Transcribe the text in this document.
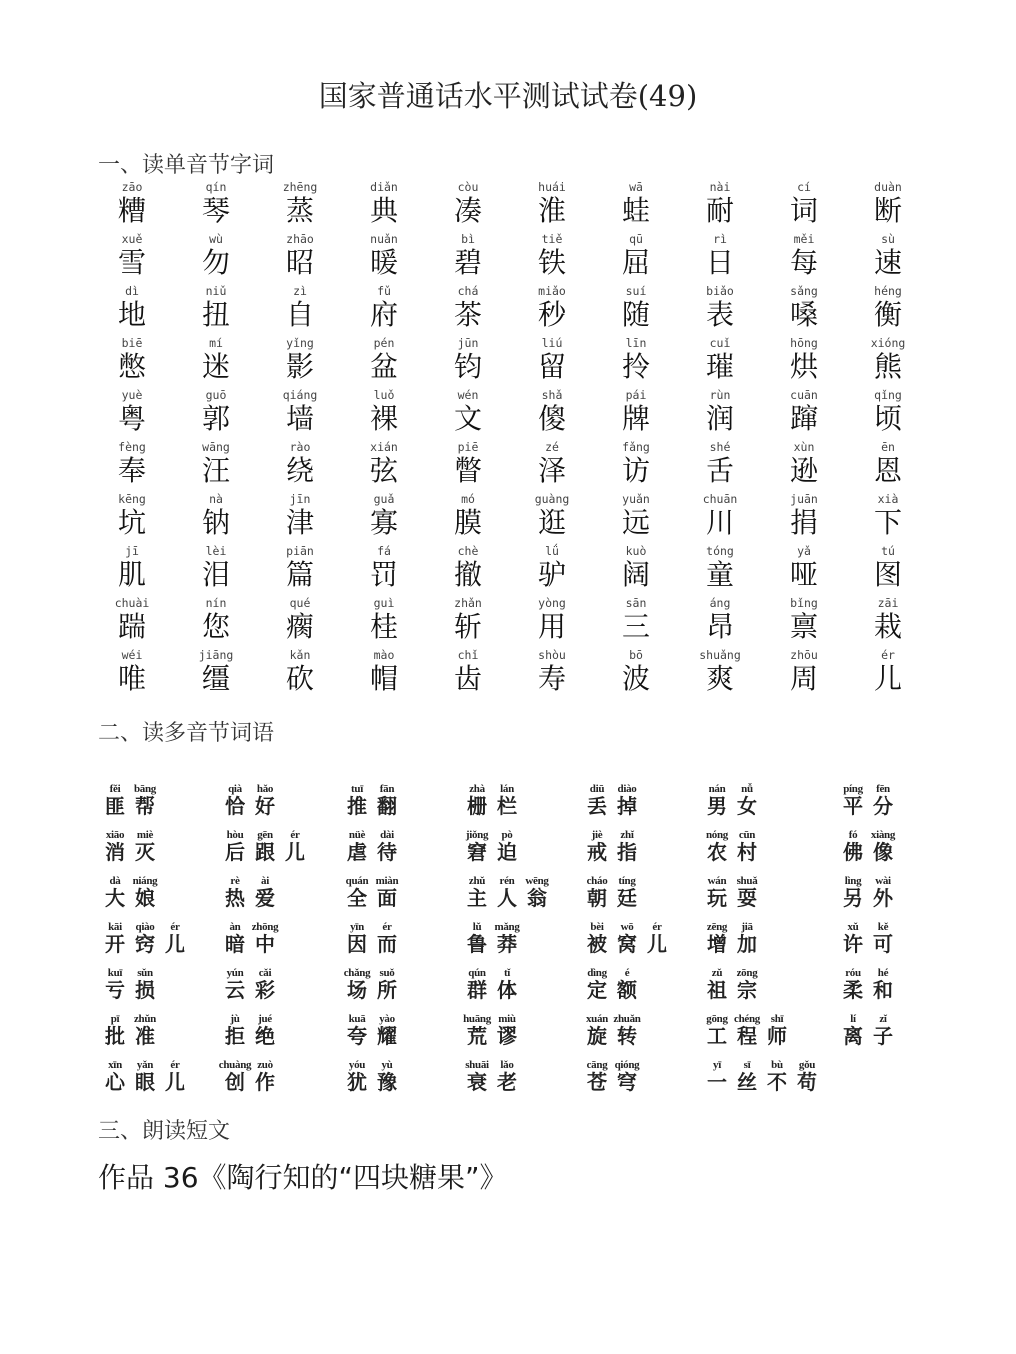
国家普通话水平测试试卷(49)
一、读单音节字词
zāo
糟
qín
琴
zhēng
蒸
diǎn
典
còu
凑
huái
淮
wā
蛙
nài
耐
cí
词
duàn
断
xuě
雪
wù
勿
zhāo
昭
nuǎn
暖
bì
碧
tiě
铁
qū
屈
rì
日
měi
每
sù
速
dì
地
niǔ
扭
zì
自
fǔ
府
chá
茶
miǎo
秒
suí
随
biǎo
表
sǎng
嗓
héng
衡
biē
憋
mí
迷
yǐng
影
pén
盆
jūn
钧
liú
留
līn
拎
cuǐ
璀
hōng
烘
xióng
熊
yuè
粤
guō
郭
qiáng
墙
luǒ
裸
wén
文
shǎ
傻
pái
牌
rùn
润
cuān
蹿
qǐng
顷
fèng
奉
wāng
汪
rào
绕
xián
弦
piē
瞥
zé
泽
fǎng
访
shé
舌
xùn
逊
ēn
恩
kēng
坑
nà
钠
jīn
津
guǎ
寡
mó
膜
guàng
逛
yuǎn
远
chuān
川
juān
捐
xià
下
jī
肌
lèi
泪
piān
篇
fá
罚
chè
撤
lǘ
驴
kuò
阔
tóng
童
yǎ
哑
tú
图
chuài
踹
nín
您
qué
瘸
guì
桂
zhǎn
斩
yòng
用
sān
三
áng
昂
bǐng
禀
zāi
栽
wéi
唯
jiāng
缰
kǎn
砍
mào
帽
chǐ
齿
shòu
寿
bō
波
shuǎng
爽
zhōu
周
ér
儿
二、读多音节词语
fěi
匪
bāng
帮
qià
恰
hǎo
好
tuī
推
fān
翻
zhà
栅
lán
栏
diū
丢
diào
掉
nán
男
nǚ
女
píng
平
fēn
分
xiāo
消
miè
灭
hòu
后
gēn
跟
ér
儿
nüè
虐
dài
待
jiǒng
窘
pò
迫
jiè
戒
zhǐ
指
nóng
农
cūn
村
fó
佛
xiàng
像
dà
大
niáng
娘
rè
热
ài
爱
quán
全
miàn
面
zhǔ
主
rén
人
wēng
翁
cháo
朝
tíng
廷
wán
玩
shuǎ
耍
lìng
另
wài
外
kāi
开
qiào
窍
ér
儿
àn
暗
zhōng
中
yīn
因
ér
而
lǔ
鲁
mǎng
莽
bèi
被
wō
窝
ér
儿
zēng
增
jiā
加
xǔ
许
kě
可
kuī
亏
sǔn
损
yún
云
cǎi
彩
chǎng
场
suǒ
所
qún
群
tǐ
体
dìng
定
é
额
zǔ
祖
zōng
宗
róu
柔
hé
和
pī
批
zhǔn
准
jù
拒
jué
绝
kuā
夸
yào
耀
huāng
荒
miù
谬
xuán
旋
zhuǎn
转
gōng
工
chéng
程
shī
师
lí
离
zǐ
子
xīn
心
yǎn
眼
ér
儿
chuàng
创
zuò
作
yóu
犹
yù
豫
shuāi
衰
lǎo
老
cāng
苍
qióng
穹
yī
一
sī
丝
bù
不
gǒu
苟
三、朗读短文
作品 36《陶行知的“四块糖果”》
